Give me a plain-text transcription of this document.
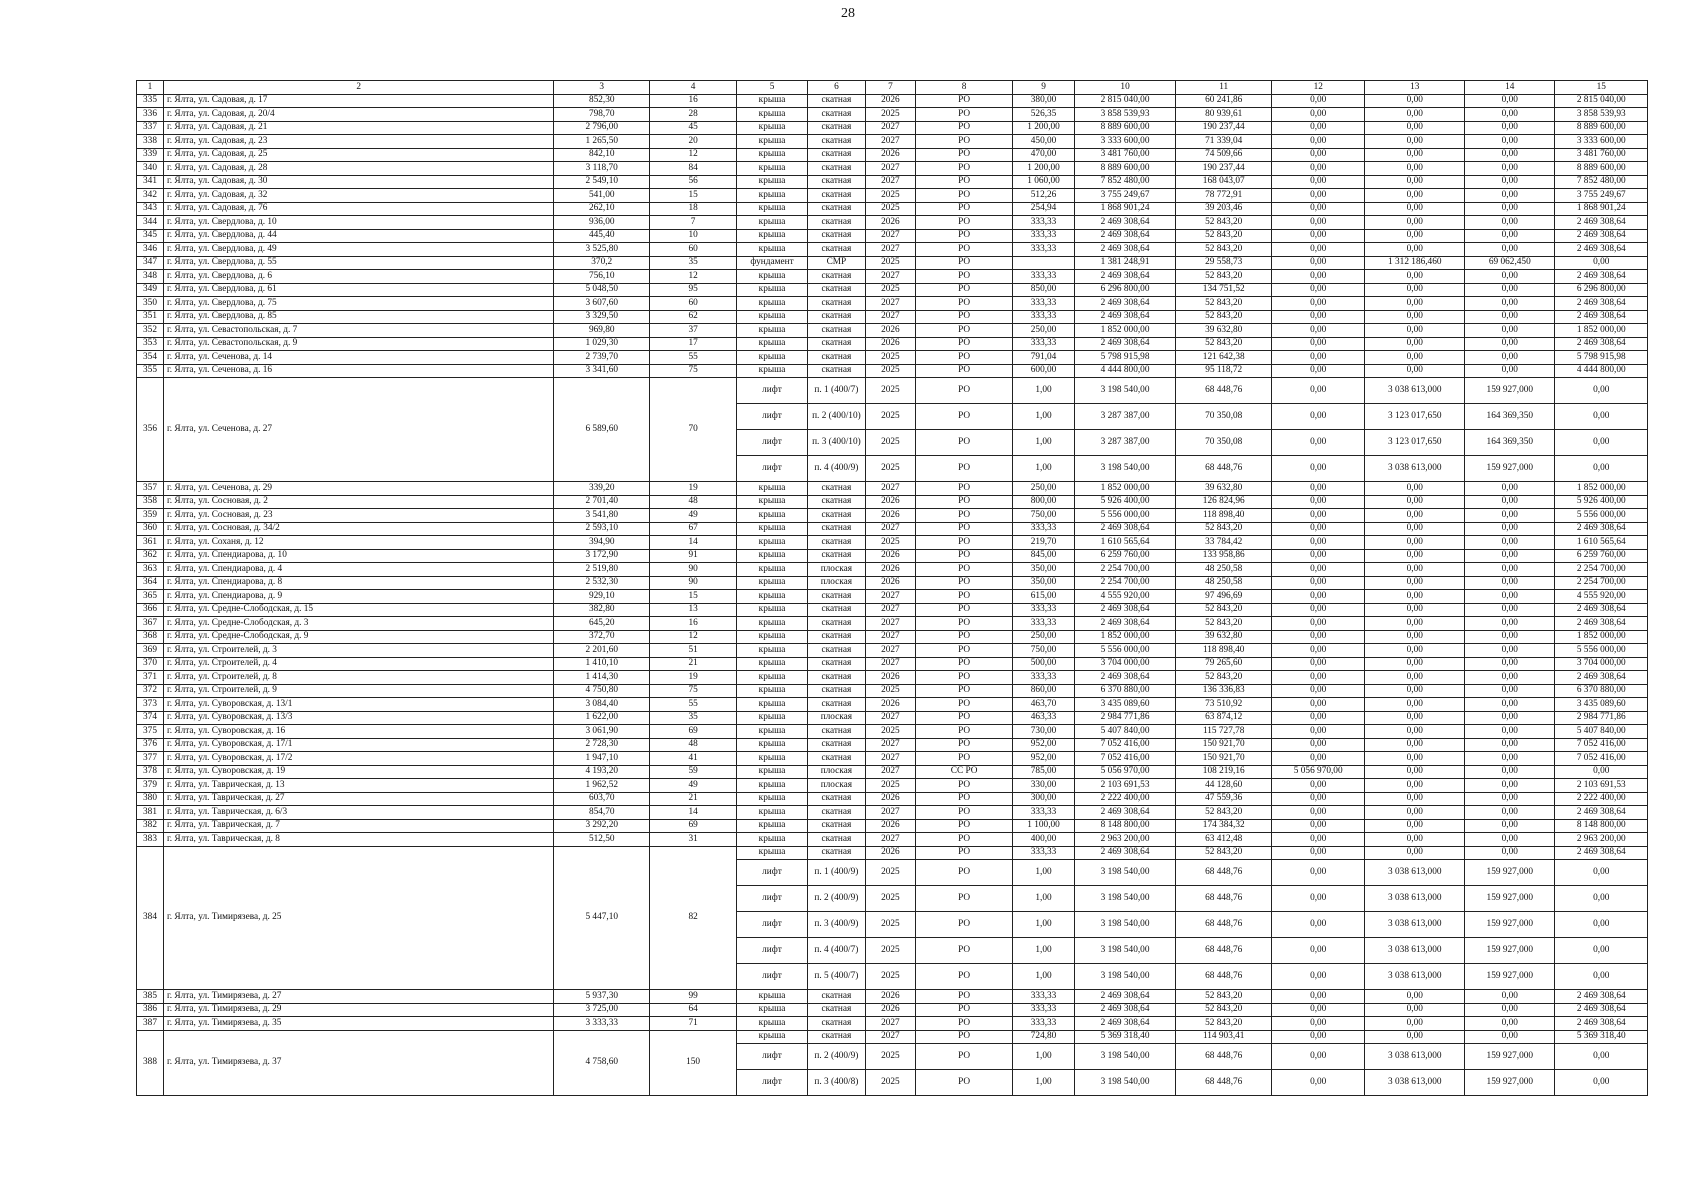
28
1	2	3	4	5	6	7	8	9	10	11	12	13	14	15
335	г. Ялта, ул. Садовая, д. 17	852,30	16	крыша	скатная	2026	РО	380,00	2 815 040,00	60 241,86	0,00	0,00	0,00	2 815 040,00
336	г. Ялта, ул. Садовая, д. 20/4	798,70	28	крыша	скатная	2025	РО	526,35	3 858 539,93	80 939,61	0,00	0,00	0,00	3 858 539,93
337	г. Ялта, ул. Садовая, д. 21	2 796,00	45	крыша	скатная	2027	РО	1 200,00	8 889 600,00	190 237,44	0,00	0,00	0,00	8 889 600,00
338	г. Ялта, ул. Садовая, д. 23	1 265,50	20	крыша	скатная	2027	РО	450,00	3 333 600,00	71 339,04	0,00	0,00	0,00	3 333 600,00
339	г. Ялта, ул. Садовая, д. 25	842,10	12	крыша	скатная	2026	РО	470,00	3 481 760,00	74 509,66	0,00	0,00	0,00	3 481 760,00
340	г. Ялта, ул. Садовая, д. 28	3 118,70	84	крыша	скатная	2027	РО	1 200,00	8 889 600,00	190 237,44	0,00	0,00	0,00	8 889 600,00
341	г. Ялта, ул. Садовая, д. 30	2 549,10	56	крыша	скатная	2027	РО	1 060,00	7 852 480,00	168 043,07	0,00	0,00	0,00	7 852 480,00
342	г. Ялта, ул. Садовая, д. 32	541,00	15	крыша	скатная	2025	РО	512,26	3 755 249,67	78 772,91	0,00	0,00	0,00	3 755 249,67
343	г. Ялта, ул. Садовая, д. 76	262,10	18	крыша	скатная	2025	РО	254,94	1 868 901,24	39 203,46	0,00	0,00	0,00	1 868 901,24
344	г. Ялта, ул. Свердлова, д. 10	936,00	7	крыша	скатная	2026	РО	333,33	2 469 308,64	52 843,20	0,00	0,00	0,00	2 469 308,64
345	г. Ялта, ул. Свердлова, д. 44	445,40	10	крыша	скатная	2027	РО	333,33	2 469 308,64	52 843,20	0,00	0,00	0,00	2 469 308,64
346	г. Ялта, ул. Свердлова, д. 49	3 525,80	60	крыша	скатная	2027	РО	333,33	2 469 308,64	52 843,20	0,00	0,00	0,00	2 469 308,64
347	г. Ялта, ул. Свердлова, д. 55	370,2	35	фундамент	СМР	2025	РО		1 381 248,91	29 558,73	0,00	1 312 186,460	69 062,450	0,00
348	г. Ялта, ул. Свердлова, д. 6	756,10	12	крыша	скатная	2027	РО	333,33	2 469 308,64	52 843,20	0,00	0,00	0,00	2 469 308,64
349	г. Ялта, ул. Свердлова, д. 61	5 048,50	95	крыша	скатная	2025	РО	850,00	6 296 800,00	134 751,52	0,00	0,00	0,00	6 296 800,00
350	г. Ялта, ул. Свердлова, д. 75	3 607,60	60	крыша	скатная	2027	РО	333,33	2 469 308,64	52 843,20	0,00	0,00	0,00	2 469 308,64
351	г. Ялта, ул. Свердлова, д. 85	3 329,50	62	крыша	скатная	2027	РО	333,33	2 469 308,64	52 843,20	0,00	0,00	0,00	2 469 308,64
352	г. Ялта, ул. Севастопольская, д. 7	969,80	37	крыша	скатная	2026	РО	250,00	1 852 000,00	39 632,80	0,00	0,00	0,00	1 852 000,00
353	г. Ялта, ул. Севастопольская, д. 9	1 029,30	17	крыша	скатная	2026	РО	333,33	2 469 308,64	52 843,20	0,00	0,00	0,00	2 469 308,64
354	г. Ялта, ул. Сеченова, д. 14	2 739,70	55	крыша	скатная	2025	РО	791,04	5 798 915,98	121 642,38	0,00	0,00	0,00	5 798 915,98
355	г. Ялта, ул. Сеченова, д. 16	3 341,60	75	крыша	скатная	2025	РО	600,00	4 444 800,00	95 118,72	0,00	0,00	0,00	4 444 800,00
356	г. Ялта, ул. Сеченова, д. 27	6 589,60	70	лифт	п. 1 (400/7)	2025	РО	1,00	3 198 540,00	68 448,76	0,00	3 038 613,000	159 927,000	0,00
				лифт	п. 2 (400/10)	2025	РО	1,00	3 287 387,00	70 350,08	0,00	3 123 017,650	164 369,350	0,00
				лифт	п. 3 (400/10)	2025	РО	1,00	3 287 387,00	70 350,08	0,00	3 123 017,650	164 369,350	0,00
				лифт	п. 4 (400/9)	2025	РО	1,00	3 198 540,00	68 448,76	0,00	3 038 613,000	159 927,000	0,00
357	г. Ялта, ул. Сеченова, д. 29	339,20	19	крыша	скатная	2027	РО	250,00	1 852 000,00	39 632,80	0,00	0,00	0,00	1 852 000,00
358	г. Ялта, ул. Сосновая, д. 2	2 701,40	48	крыша	скатная	2026	РО	800,00	5 926 400,00	126 824,96	0,00	0,00	0,00	5 926 400,00
359	г. Ялта, ул. Сосновая, д. 23	3 541,80	49	крыша	скатная	2026	РО	750,00	5 556 000,00	118 898,40	0,00	0,00	0,00	5 556 000,00
360	г. Ялта, ул. Сосновая, д. 34/2	2 593,10	67	крыша	скатная	2027	РО	333,33	2 469 308,64	52 843,20	0,00	0,00	0,00	2 469 308,64
361	г. Ялта, ул. Соханя, д. 12	394,90	14	крыша	скатная	2025	РО	219,70	1 610 565,64	33 784,42	0,00	0,00	0,00	1 610 565,64
362	г. Ялта, ул. Спендиарова, д. 10	3 172,90	91	крыша	скатная	2026	РО	845,00	6 259 760,00	133 958,86	0,00	0,00	0,00	6 259 760,00
363	г. Ялта, ул. Спендиарова, д. 4	2 519,80	90	крыша	плоская	2026	РО	350,00	2 254 700,00	48 250,58	0,00	0,00	0,00	2 254 700,00
364	г. Ялта, ул. Спендиарова, д. 8	2 532,30	90	крыша	плоская	2026	РО	350,00	2 254 700,00	48 250,58	0,00	0,00	0,00	2 254 700,00
365	г. Ялта, ул. Спендиарова, д. 9	929,10	15	крыша	скатная	2027	РО	615,00	4 555 920,00	97 496,69	0,00	0,00	0,00	4 555 920,00
366	г. Ялта, ул. Средне-Слободская, д. 15	382,80	13	крыша	скатная	2027	РО	333,33	2 469 308,64	52 843,20	0,00	0,00	0,00	2 469 308,64
367	г. Ялта, ул. Средне-Слободская, д. 3	645,20	16	крыша	скатная	2027	РО	333,33	2 469 308,64	52 843,20	0,00	0,00	0,00	2 469 308,64
368	г. Ялта, ул. Средне-Слободская, д. 9	372,70	12	крыша	скатная	2027	РО	250,00	1 852 000,00	39 632,80	0,00	0,00	0,00	1 852 000,00
369	г. Ялта, ул. Строителей, д. 3	2 201,60	51	крыша	скатная	2027	РО	750,00	5 556 000,00	118 898,40	0,00	0,00	0,00	5 556 000,00
370	г. Ялта, ул. Строителей, д. 4	1 410,10	21	крыша	скатная	2027	РО	500,00	3 704 000,00	79 265,60	0,00	0,00	0,00	3 704 000,00
371	г. Ялта, ул. Строителей, д. 8	1 414,30	19	крыша	скатная	2026	РО	333,33	2 469 308,64	52 843,20	0,00	0,00	0,00	2 469 308,64
372	г. Ялта, ул. Строителей, д. 9	4 750,80	75	крыша	скатная	2025	РО	860,00	6 370 880,00	136 336,83	0,00	0,00	0,00	6 370 880,00
373	г. Ялта, ул. Суворовская, д. 13/1	3 084,40	55	крыша	скатная	2026	РО	463,70	3 435 089,60	73 510,92	0,00	0,00	0,00	3 435 089,60
374	г. Ялта, ул. Суворовская, д. 13/3	1 622,00	35	крыша	плоская	2027	РО	463,33	2 984 771,86	63 874,12	0,00	0,00	0,00	2 984 771,86
375	г. Ялта, ул. Суворовская, д. 16	3 061,90	69	крыша	скатная	2025	РО	730,00	5 407 840,00	115 727,78	0,00	0,00	0,00	5 407 840,00
376	г. Ялта, ул. Суворовская, д. 17/1	2 728,30	48	крыша	скатная	2027	РО	952,00	7 052 416,00	150 921,70	0,00	0,00	0,00	7 052 416,00
377	г. Ялта, ул. Суворовская, д. 17/2	1 947,10	41	крыша	скатная	2027	РО	952,00	7 052 416,00	150 921,70	0,00	0,00	0,00	7 052 416,00
378	г. Ялта, ул. Суворовская, д. 19	4 193,20	59	крыша	плоская	2027	СС РО	785,00	5 056 970,00	108 219,16	5 056 970,00	0,00	0,00	0,00
379	г. Ялта, ул. Таврическая, д. 13	1 962,52	49	крыша	плоская	2025	РО	330,00	2 103 691,53	44 128,60	0,00	0,00	0,00	2 103 691,53
380	г. Ялта, ул. Таврическая, д. 27	603,70	21	крыша	скатная	2026	РО	300,00	2 222 400,00	47 559,36	0,00	0,00	0,00	2 222 400,00
381	г. Ялта, ул. Таврическая, д. 6/3	854,70	14	крыша	скатная	2027	РО	333,33	2 469 308,64	52 843,20	0,00	0,00	0,00	2 469 308,64
382	г. Ялта, ул. Таврическая, д. 7	3 292,20	69	крыша	скатная	2026	РО	1 100,00	8 148 800,00	174 384,32	0,00	0,00	0,00	8 148 800,00
383	г. Ялта, ул. Таврическая, д. 8	512,50	31	крыша	скатная	2027	РО	400,00	2 963 200,00	63 412,48	0,00	0,00	0,00	2 963 200,00
384	г. Ялта, ул. Тимирязева, д. 25	5 447,10	82	крыша	скатная	2026	РО	333,33	2 469 308,64	52 843,20	0,00	0,00	0,00	2 469 308,64
				лифт	п. 1 (400/9)	2025	РО	1,00	3 198 540,00	68 448,76	0,00	3 038 613,000	159 927,000	0,00
				лифт	п. 2 (400/9)	2025	РО	1,00	3 198 540,00	68 448,76	0,00	3 038 613,000	159 927,000	0,00
				лифт	п. 3 (400/9)	2025	РО	1,00	3 198 540,00	68 448,76	0,00	3 038 613,000	159 927,000	0,00
				лифт	п. 4 (400/7)	2025	РО	1,00	3 198 540,00	68 448,76	0,00	3 038 613,000	159 927,000	0,00
				лифт	п. 5 (400/7)	2025	РО	1,00	3 198 540,00	68 448,76	0,00	3 038 613,000	159 927,000	0,00
385	г. Ялта, ул. Тимирязева, д. 27	5 937,30	99	крыша	скатная	2026	РО	333,33	2 469 308,64	52 843,20	0,00	0,00	0,00	2 469 308,64
386	г. Ялта, ул. Тимирязева, д. 29	3 725,00	64	крыша	скатная	2026	РО	333,33	2 469 308,64	52 843,20	0,00	0,00	0,00	2 469 308,64
387	г. Ялта, ул. Тимирязева, д. 35	3 333,33	71	крыша	скатная	2027	РО	333,33	2 469 308,64	52 843,20	0,00	0,00	0,00	2 469 308,64
388	г. Ялта, ул. Тимирязева, д. 37	4 758,60	150	крыша	скатная	2027	РО	724,80	5 369 318,40	114 903,41	0,00	0,00	0,00	5 369 318,40
				лифт	п. 2 (400/9)	2025	РО	1,00	3 198 540,00	68 448,76	0,00	3 038 613,000	159 927,000	0,00
				лифт	п. 3 (400/8)	2025	РО	1,00	3 198 540,00	68 448,76	0,00	3 038 613,000	159 927,000	0,00
